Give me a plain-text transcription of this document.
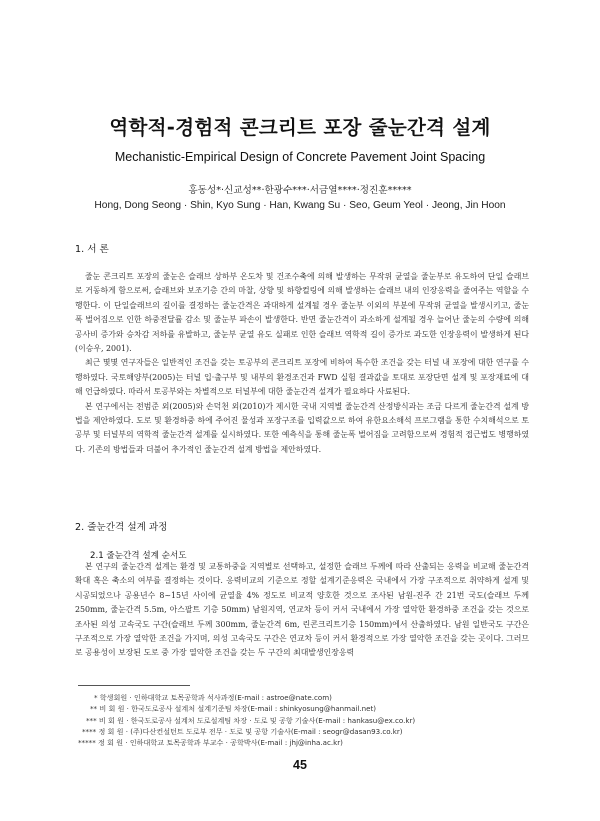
역학적-경험적 콘크리트 포장 줄눈간격 설계
Mechanistic-Empirical Design of Concrete Pavement Joint Spacing
홍동성*·신교성**·한광수***·서금열****·정진훈*****
Hong, Dong Seong · Shin, Kyo Sung · Han, Kwang Su · Seo, Geum Yeol · Jeong, Jin Hoon
1. 서 론

줄눈 콘크리트 포장의 줄눈은 슬래브 상하부 온도차 및 건조수축에 의해 발생하는 무작위 균열을 줄눈부로 유도하여 단일 슬래브로 거동하게 함으로써, 슬래브와 보조기층 간의 마찰, 상향 및 하향컬링에 의해 발생하는 슬래브 내의 인장응력을 줄여주는 역할을 수행한다. 이 단일슬래브의 길이를 결정하는 줄눈간격은 과대하게 설계될 경우 줄눈부 이외의 부분에 무작위 균열을 발생시키고, 줄눈폭 벌어짐으로 인한 하중전달률 감소 및 줄눈부 파손이 발생한다. 반면 줄눈간격이 과소하게 설계될 경우 늘어난 줄눈의 수량에 의해 공사비 증가와 승차감 저하를 유발하고, 줄눈부 균열 유도 실패로 인한 슬래브 역학적 길이 증가로 과도한 인장응력이 발생하게 된다(이승우, 2001).

최근 몇몇 연구자들은 일반적인 조건을 갖는 토공부의 콘크리트 포장에 비하여 특수한 조건을 갖는 터널 내 포장에 대한 연구를 수행하였다. 국토해양부(2005)는 터널 입·출구부 및 내부의 환경조건과 FWD 실험 결과값을 토대로 포장단면 설계 및 포장재료에 대해 언급하였다. 따라서 토공부와는 차별적으로 터널부에 대한 줄눈간격 설계가 필요하다 사료된다.

본 연구에서는 전범준 외(2005)와 손덕천 외(2010)가 제시한 국내 지역별 줄눈간격 산정방식과는 조금 다르게 줄눈간격 설계 방법을 제안하였다. 도로 및 환경하중 하에 주어진 물성과 포장구조를 입력값으로 하여 유한요소해석 프로그램을 통한 수치해석으로 토공부 및 터널부의 역학적 줄눈간격 설계를 실시하였다. 또한 예측식을 통해 줄눈폭 벌어짐을 고려함으로써 경험적 접근법도 병행하였다. 기존의 방법들과 더불어 추가적인 줄눈간격 설계 방법을 제안하였다.

2. 줄눈간격 설계 과정
2.1 줄눈간격 설계 순서도

본 연구의 줄눈간격 설계는 환경 및 교통하중을 지역별로 선택하고, 설정한 슬래브 두께에 따라 산출되는 응력을 비교해 줄눈간격 확대 혹은 축소의 여부를 결정하는 것이다. 응력비교의 기준으로 정할 설계기준응력은 국내에서 가장 구조적으로 취약하게 설계 및 시공되었으나 공용년수 8~15년 사이에 균열율 4% 정도로 비교적 양호한 것으로 조사된 남원-진주 간 21번 국도(슬래브 두께 250mm, 줄눈간격 5.5m, 아스팔트 기층 50mm) 남원지역, 연교차 등이 커서 국내에서 가장 열악한 환경하중 조건을 갖는 것으로 조사된 의성 고속국도 구간(슬래브 두께 300mm, 줄눈간격 6m, 린콘크리트기층 150mm)에서 산출하였다. 남원 일반국도 구간은 구조적으로 가장 열악한 조건을 가지며, 의성 고속국도 구간은 연교차 등이 커서 환경적으로 가장 열악한 조건을 갖는 곳이다. 그러므로 공용성이 보장된 도로 중 가장 열악한 조건을 갖는 두 구간의 최대발생인장응력

* 학생회원 · 인하대학교 토목공학과 석사과정(E-mail : astroe@nate.com)
** 비 회 원 · 한국도로공사 설계처 설계기준팀 차장(E-mail : shinkyosung@hanmail.net)
*** 비 회 원 · 한국도로공사 설계처 도로설계팀 차장 · 도로 및 공항 기술사(E-mail : hankasu@ex.co.kr)
**** 정 회 원 · (주)다산컨설턴트 도로부 전무 · 도로 및 공항 기술사(E-mail : seogr@dasan93.co.kr)
***** 정 회 원 · 인하대학교 토목공학과 부교수 · 공학박사(E-mail : jhj@inha.ac.kr)
45
